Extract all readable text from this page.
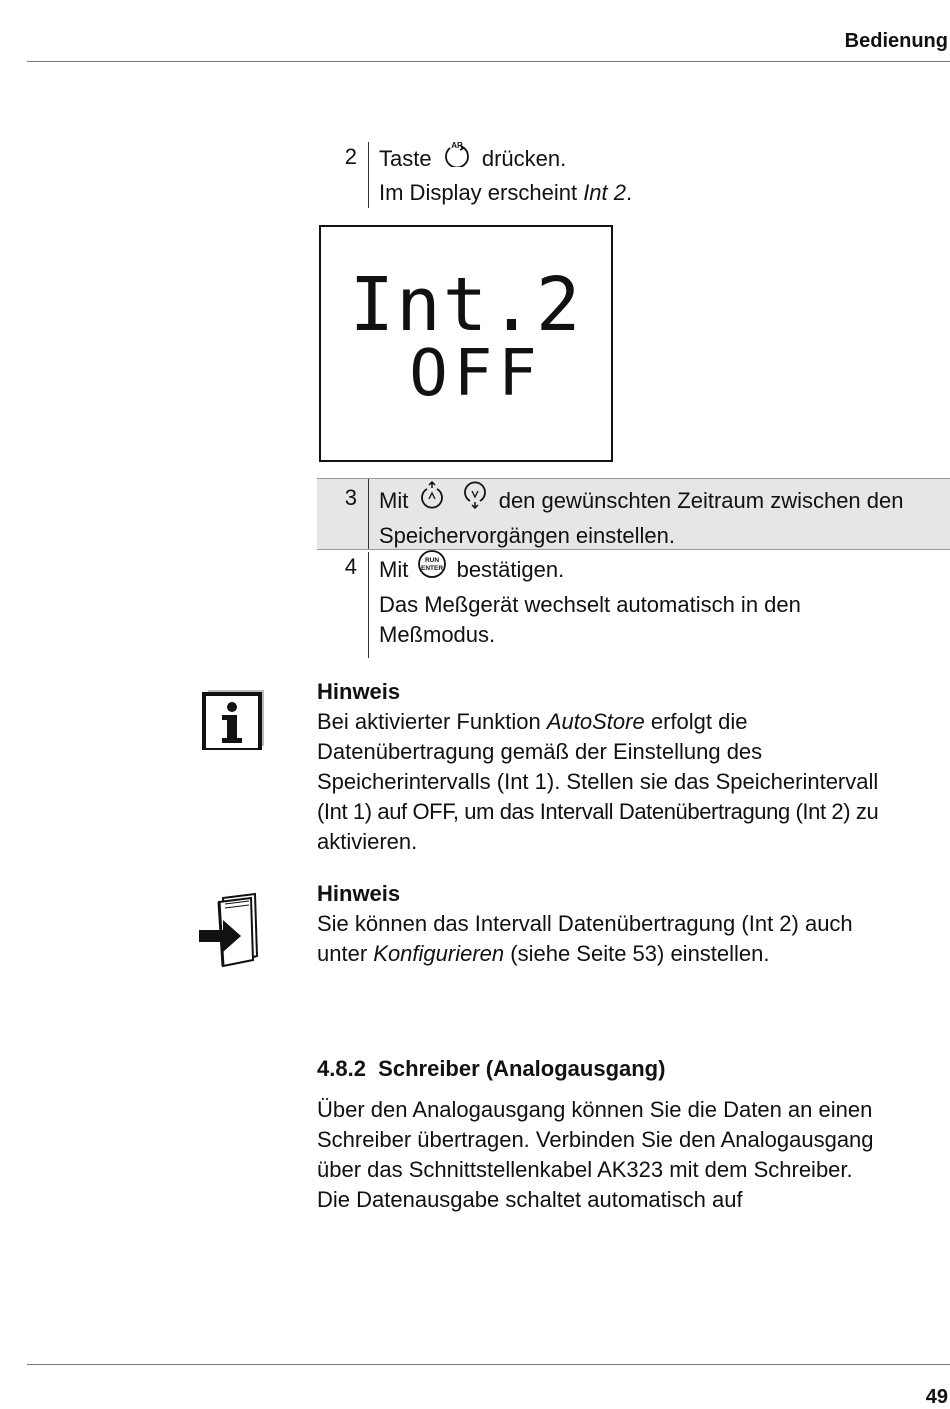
Bedienung
2	Taste
AR
drücken.
Im Display erscheint Int 2.
Int.2
OFF
3	Mit	den gewünschten Zeitraum zwischen den
Speichervorgängen einstellen.
4	Mit	RUN
ENTER bestätigen.
Das Meßgerät wechselt automatisch in den
Meßmodus.
Hinweis
Bei aktivierter Funktion AutoStore erfolgt die
Datenübertragung gemäß der Einstellung des
Speicherintervalls (Int 1). Stellen sie das Speicherintervall
(Int 1) auf OFF, um das Intervall Datenübertragung (Int 2) zu
aktivieren.
Hinweis
Sie können das Intervall Datenübertragung (Int 2) auch
unter Konfigurieren (siehe Seite 53) einstellen.
4.8.2 Schreiber (Analogausgang)
Über den Analogausgang können Sie die Daten an einen
Schreiber übertragen. Verbinden Sie den Analogausgang
über das Schnittstellenkabel AK323 mit dem Schreiber.
Die Datenausgabe schaltet automatisch auf
49
